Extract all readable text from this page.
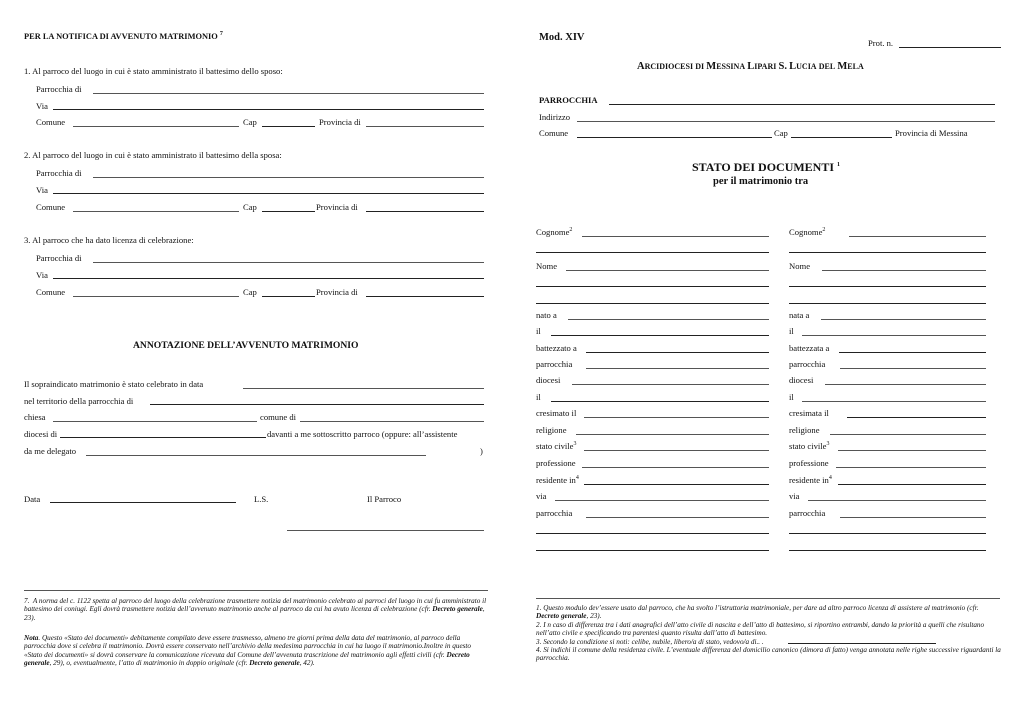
PER LA NOTIFICA DI AVVENUTO MATRIMONIO $^7$
1. Al parroco del luogo in cui è stato amministrato il battesimo dello sposo:
Parrocchia di
Via
Comune	Cap	Provincia di
2. Al parroco del luogo in cui è stato amministrato il battesimo della sposa:
Parrocchia di
Via
Comune	Cap	Provincia di
3. Al parroco che ha dato licenza di celebrazione:
Parrocchia di
Via
Comune	Cap	Provincia di
ANNOTAZIONE DELL’AVVENUTO MATRIMONIO
Il sopraindicato matrimonio è stato celebrato in data
nel territorio della parrocchia di
chiesa	comune di
diocesi di	davanti a me sottoscritto parroco (oppure: all’assistente
da me delegato	)
Data	L.S.	Il Parroco
7. A norma del c. 1122 spetta al parroco del luogo della celebrazione trasmettere notizia del matrimonio celebrato ai parroci del luogo in cui fu amministrato il battesimo dei coniugi. Egli dovrà trasmettere notizia dell’avvenuto matrimonio anche al parroco da cui ha avuto licenza di celebrazione (cfr. Decreto generale, 23).
Nota. Questo «Stato dei documenti» debitamente compilato deve essere trasmesso, almeno tre giorni prima della data del matrimonio, al parroco della parrocchia dove si celebra il matrimonio. Dovrà essere conservato nell’archivio della medesima parrocchia in cui ha luogo il matrimonio.Inoltre in questo «Stato dei documenti» si dovrà conservare la comunicazione ricevuta dal Comune dell’avvenuta trascrizione del matrimonio agli effetti civili (cfr. Decreto generale, 29), o, eventualmente, l’atto di matrimonio in doppio originale (cfr. Decreto generale, 42).
Mod. XIV	Prot. n.
ARCIDIOCESI DI MESSINA LIPARI S. LUCIA DEL MELA
PARROCCHIA
Indirizzo
Comune	Cap	Provincia di Messina
STATO DEI DOCUMENTI $^1$
per il matrimonio tra
Cognome$^2$
Nome
nato a
il
battezzato a
parrocchia
diocesi
il
cresimato il
religione
stato civile$^3$
professione
residente $in^4$
via
parrocchia
Cognome$^2$
Nome
nata a
il
battezzata a
parrocchia
diocesi
il
cresimata il
religione
stato civile$^3$
professione
residente $in^4$
via
parrocchia
1. Questo modulo dev’essere usato dal parroco, che ha svolto l’istruttoria matrimoniale, per dare ad altro parroco licenza di assistere al matrimonio (cfr. Decreto generale, 23).
2. I n caso di differenza tra i dati anagrafici dell’atto civile di nascita e dell’atto di battesimo, si riportino entrambi, dando la priorità a quelli che risultano nell’atto civile e specificando tra parentesi quanto risulta dall’atto di battesimo.
3. Secondo la condizione si noti: celibe, nubile, libero/a di stato, vedovo/a di.. .
4. Si indichi il comune della residenza civile. L’eventuale differenza del domicilio canonico (dimora di fatto) venga annotata nelle righe successive riguardanti la parrocchia.
